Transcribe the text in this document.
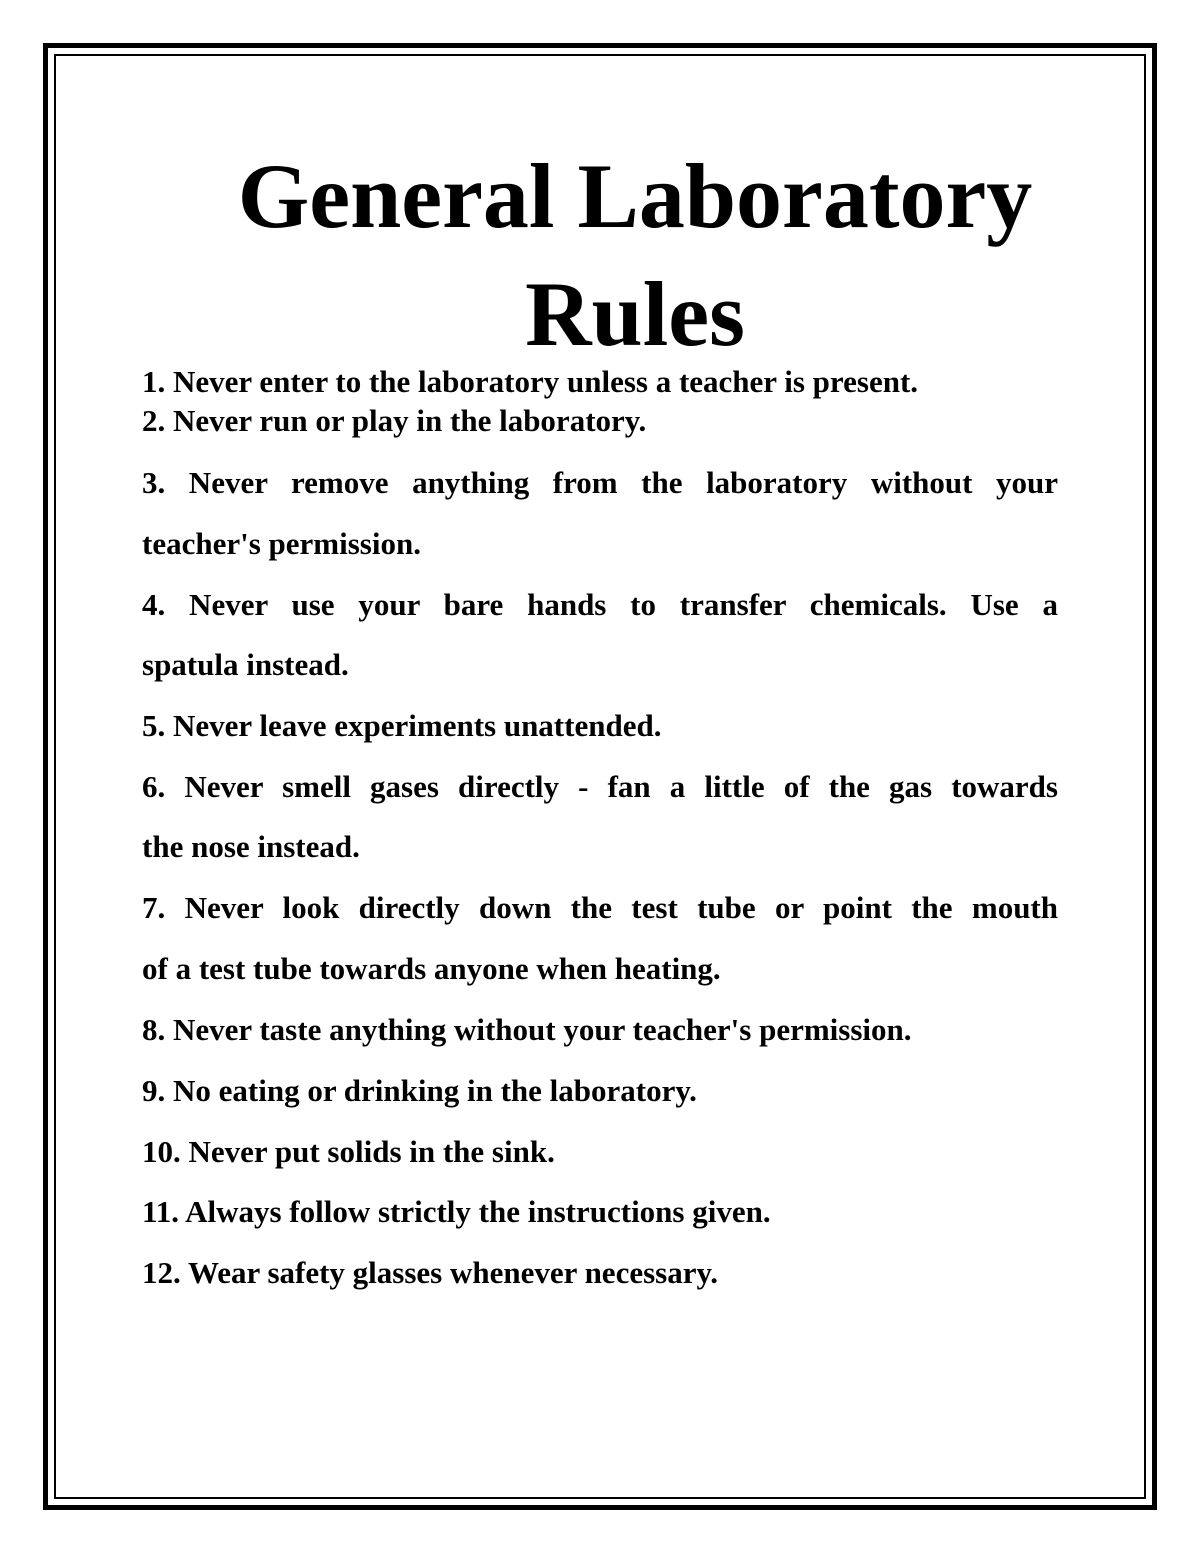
General Laboratory
Rules

1. Never enter to the laboratory unless a teacher is present.

2. Never run or play in the laboratory.

3. Never remove anything from the laboratory without your

teacher's permission.

4. Never use your bare hands to transfer chemicals. Use a

spatula instead.

5. Never leave experiments unattended.

6. Never smell gases directly - fan a little of the gas towards

the nose instead.

7. Never look directly down the test tube or point the mouth

of a test tube towards anyone when heating.

8. Never taste anything without your teacher's permission.

9. No eating or drinking in the laboratory.

10. Never put solids in the sink.

11. Always follow strictly the instructions given.

12. Wear safety glasses whenever necessary.
